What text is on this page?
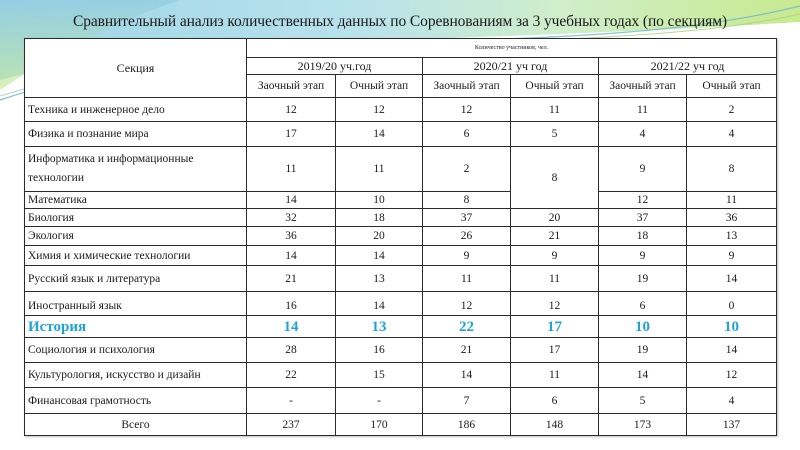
Сравнительный анализ количественных данных по Соревнованиям за 3 учебных годах (по секциям)
Секция	Количество участников, чел.					
	2019/20 уч.год		2020/21 уч год		2021/22 уч год	
	Заочный этап	Очный этап	Заочный этап	Очный этап	Заочный этап	Очный этап
Техника и инженерное дело	12	12	12	11	11	2
Физика и познание мира	17	14	6	5	4	4
Информатика и информационные технологии	11	11	2	8	9	8
Математика	14	10	8		12	11
Биология	32	18	37	20	37	36
Экология	36	20	26	21	18	13
Химия и химические технологии	14	14	9	9	9	9
Русский язык и литература	21	13	11	11	19	14
Иностранный язык	16	14	12	12	6	0
История	14	13	22	17	10	10
Социология и психология	28	16	21	17	19	14
Культурология, искусство и дизайн	22	15	14	11	14	12
Финансовая грамотность	-	-	7	6	5	4
Всего	237	170	186	148	173	137
